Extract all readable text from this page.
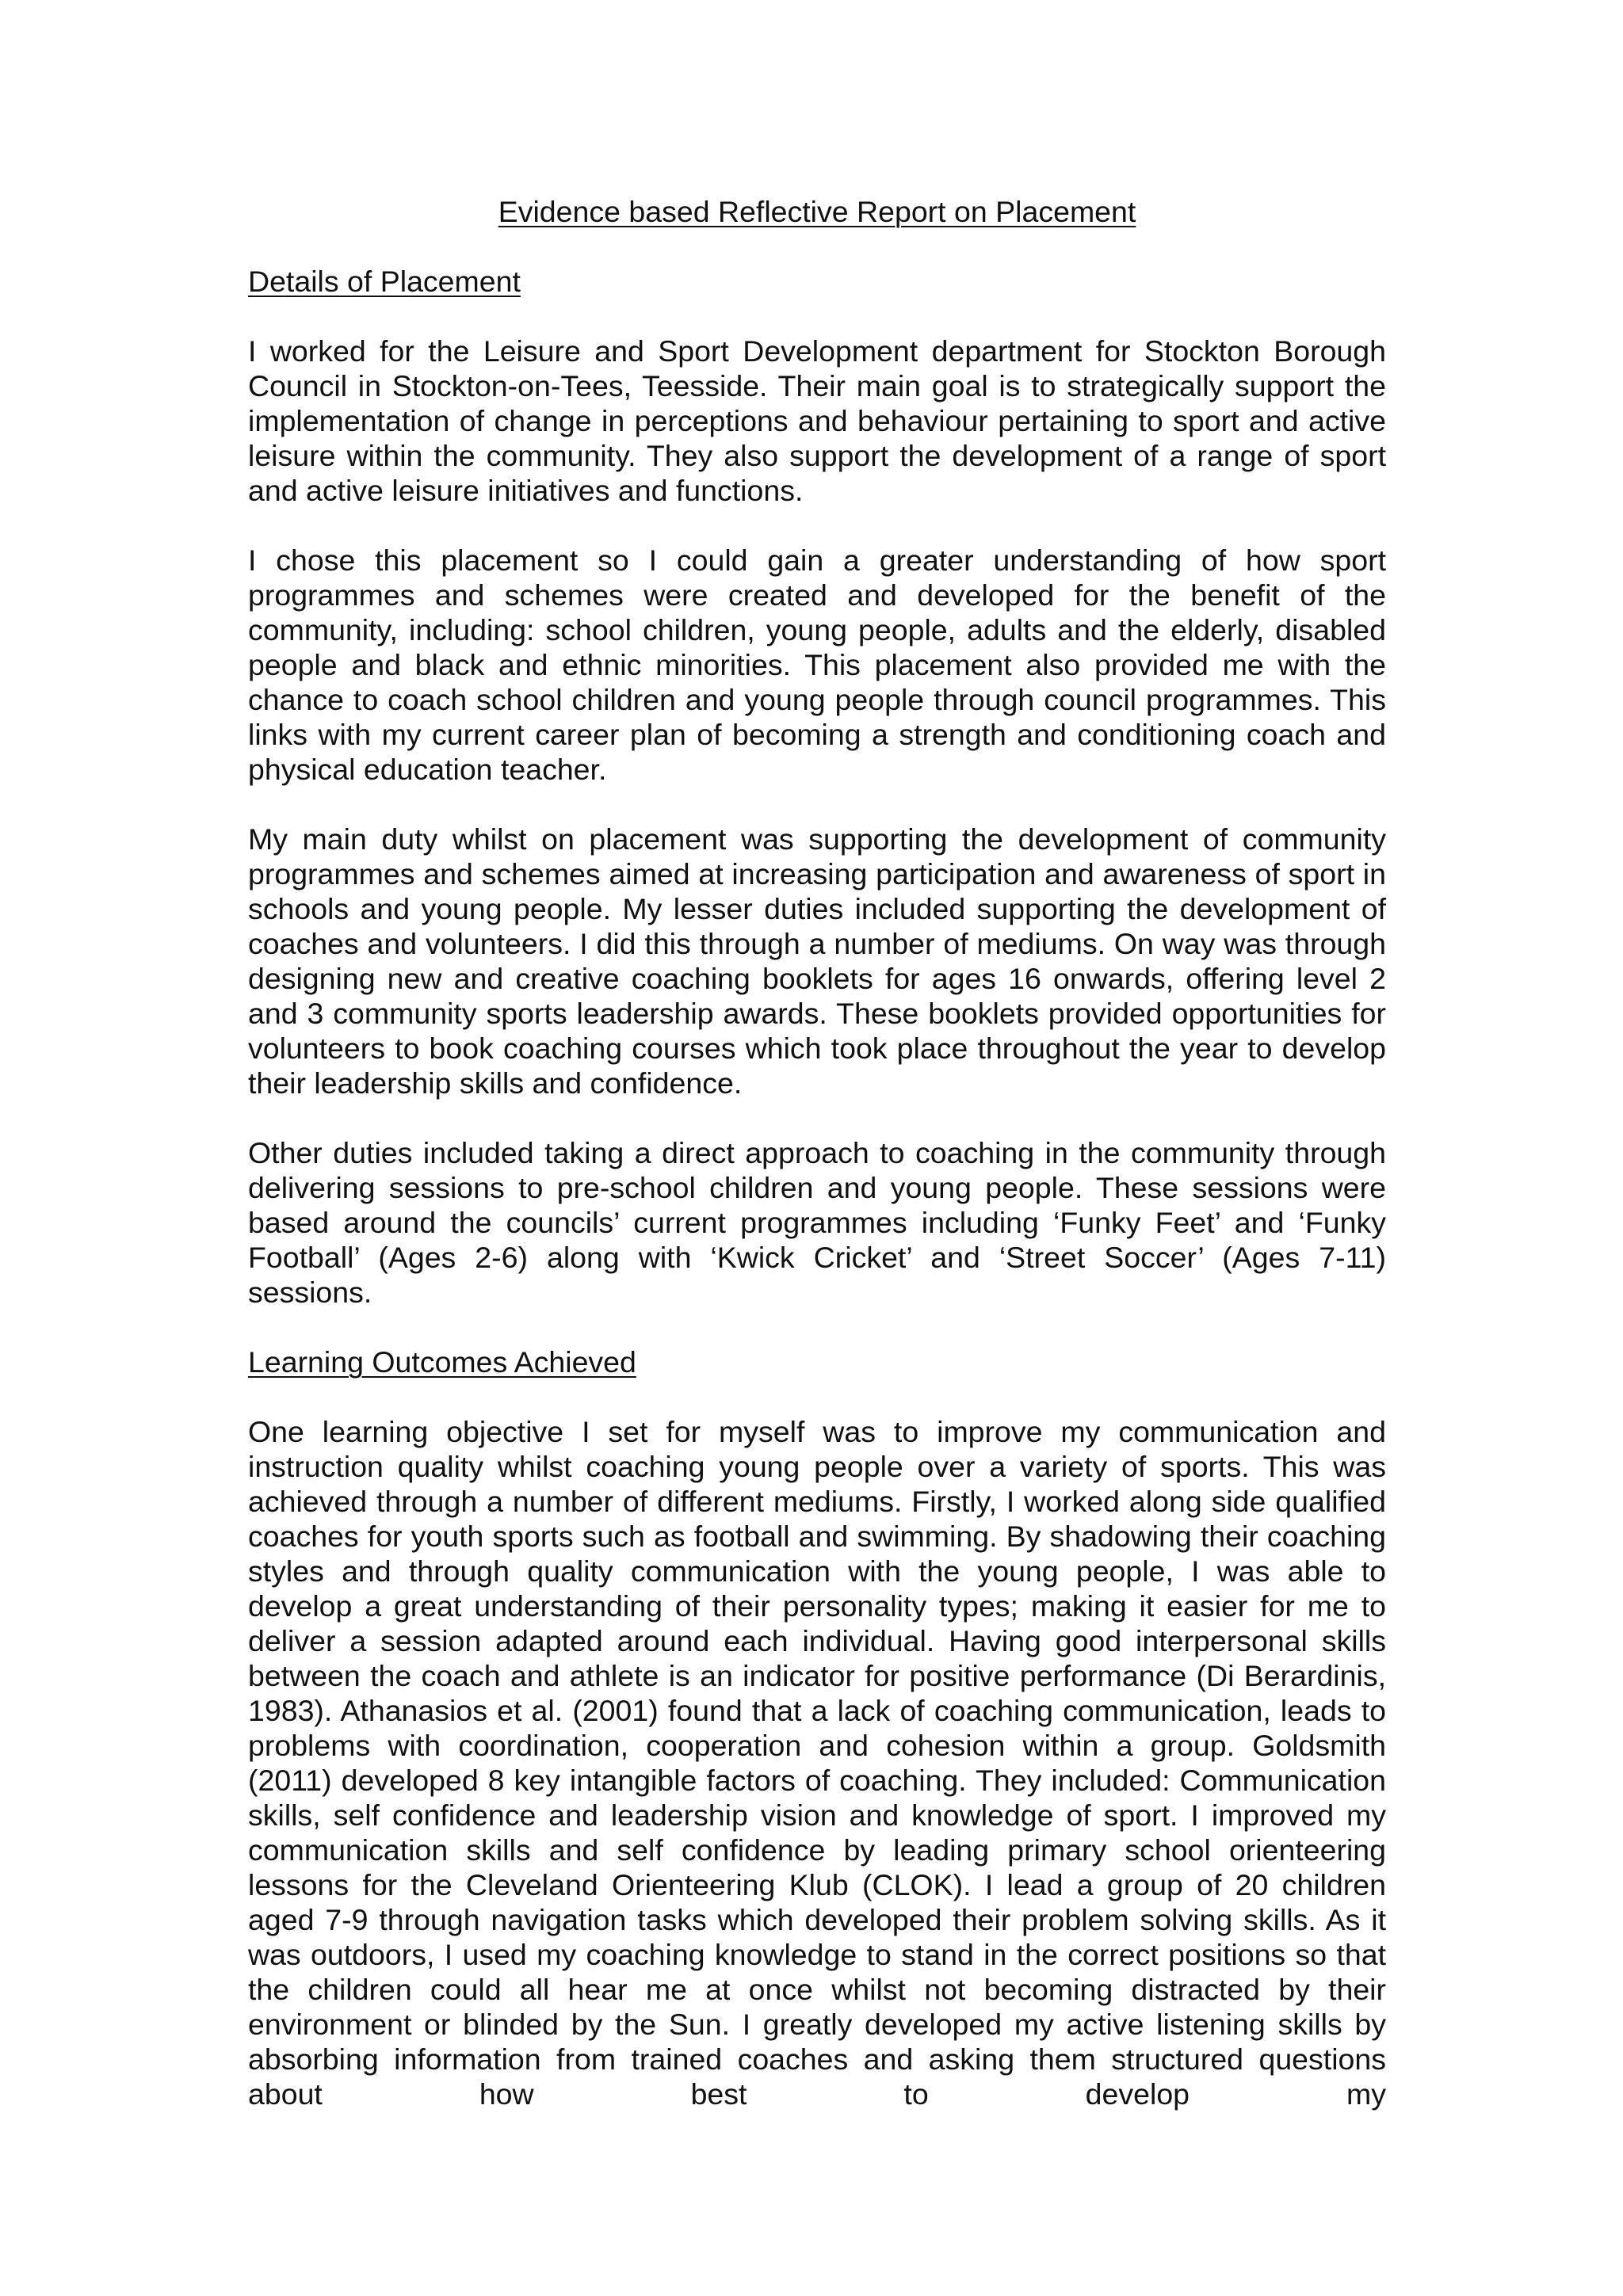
Evidence based Reflective Report on Placement
Details of Placement

I worked for the Leisure and Sport Development department for Stockton Borough Council in Stockton-on-Tees, Teesside. Their main goal is to strategically support the implementation of change in perceptions and behaviour pertaining to sport and active leisure within the community. They also support the development of a range of sport and active leisure initiatives and functions.

I chose this placement so I could gain a greater understanding of how sport programmes and schemes were created and developed for the benefit of the community, including: school children, young people, adults and the elderly, disabled people and black and ethnic minorities. This placement also provided me with the chance to coach school children and young people through council programmes. This links with my current career plan of becoming a strength and conditioning coach and physical education teacher.

My main duty whilst on placement was supporting the development of community programmes and schemes aimed at increasing participation and awareness of sport in schools and young people. My lesser duties included supporting the development of coaches and volunteers. I did this through a number of mediums. On way was through designing new and creative coaching booklets for ages 16 onwards, offering level 2 and 3 community sports leadership awards. These booklets provided opportunities for volunteers to book coaching courses which took place throughout the year to develop their leadership skills and confidence.

Other duties included taking a direct approach to coaching in the community through delivering sessions to pre-school children and young people. These sessions were based around the councils’ current programmes including ‘Funky Feet’ and ‘Funky Football’ (Ages 2-6) along with ‘Kwick Cricket’ and ‘Street Soccer’ (Ages 7-11) sessions.

Learning Outcomes Achieved

One learning objective I set for myself was to improve my communication and instruction quality whilst coaching young people over a variety of sports. This was achieved through a number of different mediums. Firstly, I worked along side qualified coaches for youth sports such as football and swimming. By shadowing their coaching styles and through quality communication with the young people, I was able to develop a great understanding of their personality types; making it easier for me to deliver a session adapted around each individual. Having good interpersonal skills between the coach and athlete is an indicator for positive performance (Di Berardinis, 1983). Athanasios et al. (2001) found that a lack of coaching communication, leads to problems with coordination, cooperation and cohesion within a group. Goldsmith (2011) developed 8 key intangible factors of coaching. They included: Communication skills, self confidence and leadership vision and knowledge of sport. I improved my communication skills and self confidence by leading primary school orienteering lessons for the Cleveland Orienteering Klub (CLOK). I lead a group of 20 children aged 7-9 through navigation tasks which developed their problem solving skills. As it was outdoors, I used my coaching knowledge to stand in the correct positions so that the children could all hear me at once whilst not becoming distracted by their environment or blinded by the Sun. I greatly developed my active listening skills by absorbing information from trained coaches and asking them structured questions about how best to develop my
